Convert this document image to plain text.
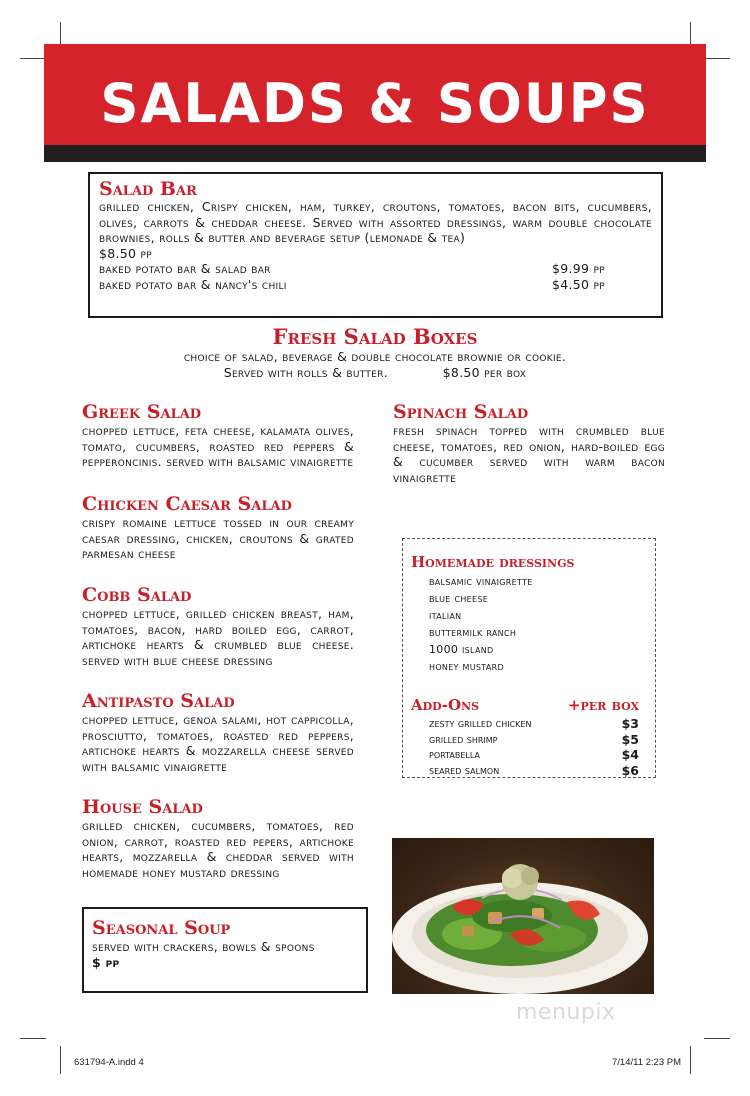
SALADS & SOUPS
Salad Bar
grilled chicken, Crispy chicken, ham, turkey, croutons, tomatoes, bacon bits, cucumbers, olives, carrots & cheddar cheese. Served with assorted dressings, warm double chocolate brownies, rolls & butter and beverage setup (lemonade & tea)
$8.50 pp
baked potato bar & salad bar	$9.99 pp
baked potato bar & nancy's chili	$4.50 pp
Fresh Salad Boxes
choice of salad, beverage & double chocolate brownie or cookie.
Served with rolls & butter.	$8.50 per box
Greek Salad
chopped lettuce, feta cheese, kalamata olives, tomato, cucumbers, roasted red peppers & pepperoncinis. served with balsamic vinaigrette
Chicken Caesar Salad
crispy romaine lettuce tossed in our creamy caesar dressing, chicken, croutons & grated parmesan cheese
Cobb Salad
chopped lettuce, grilled chicken breast, ham, tomatoes, bacon, hard boiled egg, carrot, artichoke hearts & crumbled blue cheese. served with blue cheese dressing
Antipasto Salad
chopped lettuce, genoa salami, hot cappicolla, prosciutto, tomatoes, roasted red peppers, artichoke hearts & mozzarella cheese served with balsamic vinaigrette
House Salad
grilled chicken, cucumbers, tomatoes, red onion, carrot, roasted red pepers, artichoke hearts, mozzarella & cheddar served with homemade honey mustard dressing
Spinach Salad
fresh spinach topped with crumbled blue cheese, tomatoes, red onion, hard-boiled egg & cucumber served with warm bacon vinaigrette
Homemade dressings
balsamic vinaigrette
blue cheese
italian
buttermilk ranch
1000 island
honey mustard
Add-Ons	+per box
zesty grilled chicken	$3
grilled shrimp	$5
portabella	$4
seared salmon	$6
Seasonal Soup
served with crackers, bowls & spoons
$ pp
menupix
631794-A.indd 4	7/14/11 2:23 PM
